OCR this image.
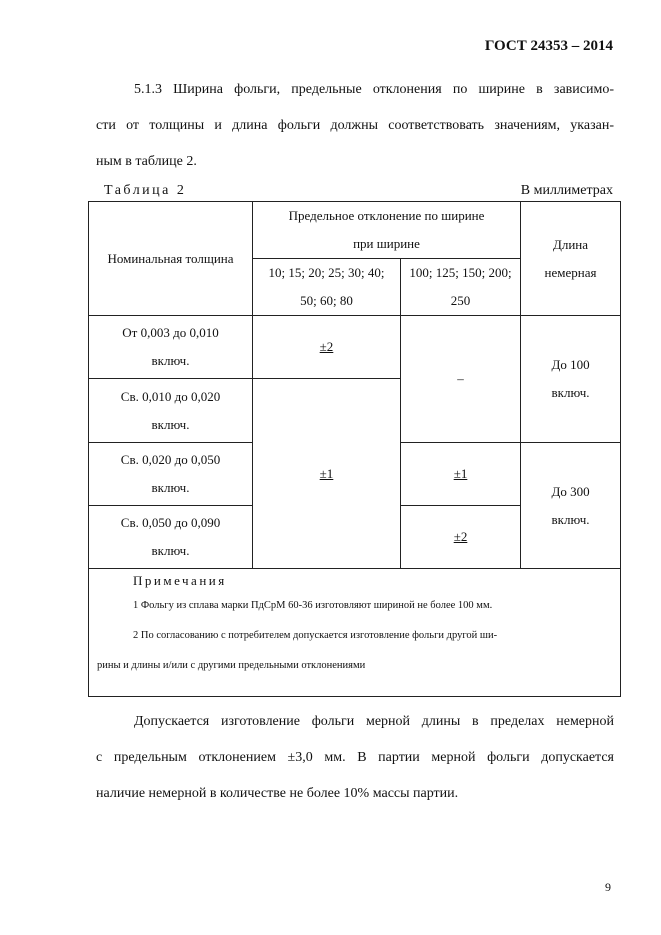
ГОСТ 24353 – 2014
5.1.3 Ширина фольги, предельные отклонения по ширине в зависимо-
сти от толщины и длина фольги должны соответствовать значениям, указан-
ным в таблице 2.
Таблица 2	В миллиметрах
Номинальная толщина	Предельное отклонение по ширине
при ширине		Длина немерная
	10; 15; 20; 25; 30; 40; 50; 60; 80	100; 125; 150; 200; 250	
От 0,003 до 0,010 включ.	±2	–	До 100 включ.
Св. 0,010 до 0,020 включ.	±1		
Св. 0,020 до 0,050 включ.		±1	До 300 включ.
Св. 0,050 до 0,090 включ.		±2	

Примечания
1 Фольгу из сплава марки ПдСрМ 60-36 изготовляют шириной не более 100 мм.
2 По согласованию с потребителем допускается изготовление фольги другой ши-
рины и длины и/или с другими предельными отклонениями			
Допускается изготовление фольги мерной длины в пределах немерной
с предельным отклонением ±3,0 мм. В партии мерной фольги допускается
наличие немерной в количестве не более 10% массы партии.
9
